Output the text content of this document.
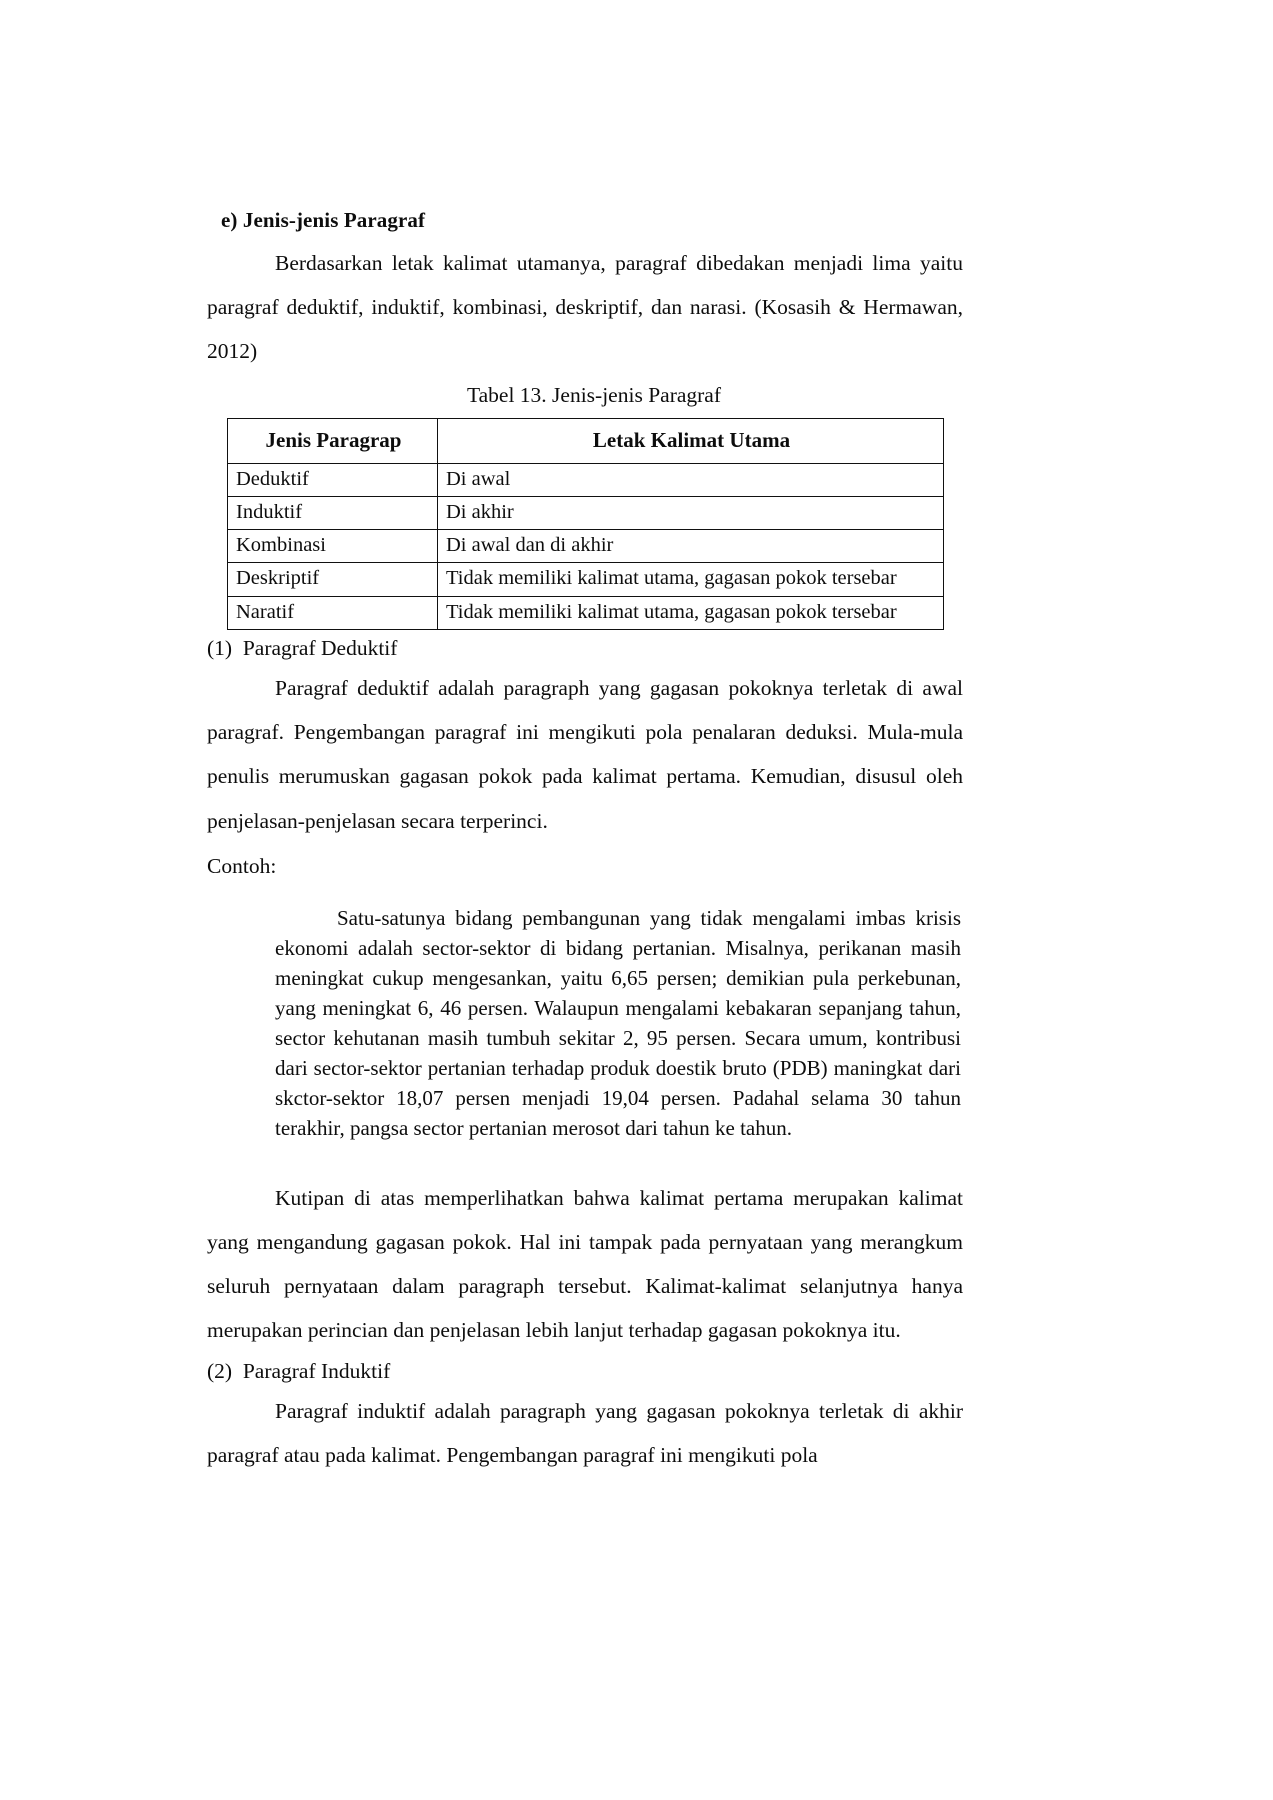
e) Jenis-jenis Paragraf

Berdasarkan letak kalimat utamanya, paragraf dibedakan menjadi lima yaitu paragraf deduktif, induktif, kombinasi, deskriptif, dan narasi. (Kosasih & Hermawan, 2012)

Tabel 13. Jenis-jenis Paragraf
Jenis Paragrap	Letak Kalimat Utama
Deduktif	Di awal
Induktif	Di akhir
Kombinasi	Di awal dan di akhir
Deskriptif	Tidak memiliki kalimat utama, gagasan pokok tersebar
Naratif	Tidak memiliki kalimat utama, gagasan pokok tersebar
(1)  Paragraf Deduktif

Paragraf deduktif adalah paragraph yang gagasan pokoknya terletak di awal paragraf. Pengembangan paragraf ini mengikuti pola penalaran deduksi. Mula-mula penulis merumuskan gagasan pokok pada kalimat pertama. Kemudian, disusul oleh penjelasan-penjelasan secara terperinci.

Contoh:

Satu-satunya bidang pembangunan yang tidak mengalami imbas krisis ekonomi adalah sector-sektor di bidang pertanian. Misalnya, perikanan masih meningkat cukup mengesankan, yaitu 6,65 persen; demikian pula perkebunan, yang meningkat 6, 46 persen. Walaupun mengalami kebakaran sepanjang tahun, sector kehutanan masih tumbuh sekitar 2, 95 persen. Secara umum, kontribusi dari sector-sektor pertanian terhadap produk doestik bruto (PDB) maningkat dari skctor-sektor 18,07 persen menjadi 19,04 persen. Padahal selama 30 tahun terakhir, pangsa sector pertanian merosot dari tahun ke tahun.

Kutipan di atas memperlihatkan bahwa kalimat pertama merupakan kalimat yang mengandung gagasan pokok. Hal ini tampak pada pernyataan yang merangkum seluruh pernyataan dalam paragraph tersebut. Kalimat-kalimat selanjutnya hanya merupakan perincian dan penjelasan lebih lanjut terhadap gagasan pokoknya itu.

(2)  Paragraf Induktif

Paragraf induktif adalah paragraph yang gagasan pokoknya terletak di akhir paragraf atau pada kalimat. Pengembangan paragraf ini mengikuti pola
